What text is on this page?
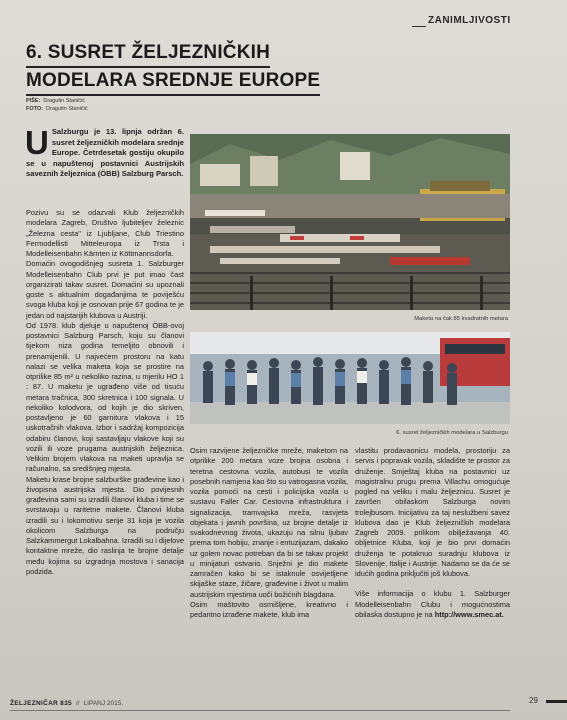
ZANIMLJIVOSTI
6. SUSRET ŽELJEZNIČKIH
MODELARA SREDNJE EUROPE
PIŠE: Dragutin Staničić
FOTO: Dragutin Staničić
U Salzburgu je 13. lipnja održan 6. susret željezničkih modelara srednje Europe. Četrdesetak gostiju okupilo se u napuštenoj postavnici Austrijskih saveznih željeznica (ÖBB) Salzburg Parsch.

Pozivu su se odazvali Klub željezničkih modelara Zagreb, Društvo ljubiteljev železnic „Železna cesta" iz Ljubljane, Club Triestino Fermodellisti Mitteleuropa iz Trsta i Modelleisenbahn Kärnten iz Köttmannsdorfa.

Domaćin ovogodišnjeg susreta 1. Salzburger Modelleisenbahn Club prvi je put imao čast organizirati takav susret. Domaćini su upoznali goste s aktualnim događanjima te poviješću svoga kluba koji je osnovan prije 67 godina te je jedan od najstarijih klubova u Austriji.

Od 1978. klub djeluje u napuštenoj ÖBB-ovoj postavnici Salzburg Parsch, koju su članovi tijekom niza godina temeljito obnovili i prenamijenili. U najvećem prostoru na katu nalazi se velika maketa koja se prostire na otprilike 85 m² u nekoliko razina, u mjerilu HO 1 : 87. U maketu je ugrađeno više od tisuću metara tračnica, 300 skretnica i 100 signala. U nekoliko kolodvora, od kojih je dio skriven, postavljeno je 60 garnitura vlakova i 15 uskotračnih vlakova. Izbor i sadržaj kompozicija odabiru članovi, koji sastavljaju vlakove koji su vozili ili voze prugama austrijskih željeznica. Velikim brojem vlakova na maketi upravlja se računalno, sa središnjeg mjesta.

Maketu krase brojne salzburške građevine kao i živopisna austrijska mjesta. Dio povijesnih građevina sami su izradili članovi kluba i time se svrstavaju u raritetne makete. Članovi kluba izradili su i lokomotivu serije 31 koja je vozila okolicom Salzburga na području Salzkammergut Lokalbahna. Izradili su i dijelove kontaktne mreže, dio raslinja te brojne detalje među kojima su izgradnja mostova i sanacija podzida.

Maketa na čak 85 kvadratnih metara
6. susret željezničkih modelara u Salzburgu

Osim razvijene željezničke mreže, maketom na otprilike 200 metara voze brojna osobna i teretna cestovna vozila, autobusi te vozila posebnih namjena kao što su vatrogasna vozila, vozila pomoći na cesti i policijska vozila u sustavu Faller Car. Cestovna infrastruktura i signalizacija, tramvajska mreža, rasvjeta objekata i javnih površina, uz brojne detalje iz svakodnevnog života, ukazuju na silnu ljubav prema tom hobiju, znanje i entuzijazam, dakako uz golem novac potreban da bi se takav projekt u minijaturi ostvario. Snježni je dio makete zamračen kako bi se istaknule osvijetljene skijaške staze, žičare, građevine i život u malim austrijskim mjestima uoči božićnih blagdana.

Osim maštovito osmišljene, kreativno i pedantno izrađene makete, klub ima

vlastitu prodavaonicu modela, prostoriju za servis i popravak vozila, skladište te prostor za druženje. Smještaj kluba na postavnici uz magistralnu prugu prema Villachu omogućuje pogled na veliku i malu željeznicu. Susret je završen obilaskom Salzburga novim trolejbusom. Inicijativu za taj neslužbeni savez klubova dao je Klub željezničkih modelara Zagreb 2009. prilikom obilježavanja 40. obljetnice Kluba, koji je bio prvi domaćin druženja te potaknuo suradnju klubova iz Slovenije, Italije i Austrije. Nadamo se da će se idućih godina priključiti još klubova.

Više informacija o klubu 1. Salzburger Modelleisenbahn Clubu i mogućnostima obilaska dostupno je na http://www.smec.at.

ŽELJEZNIČAR 835 // LIPANJ 2015.	29
